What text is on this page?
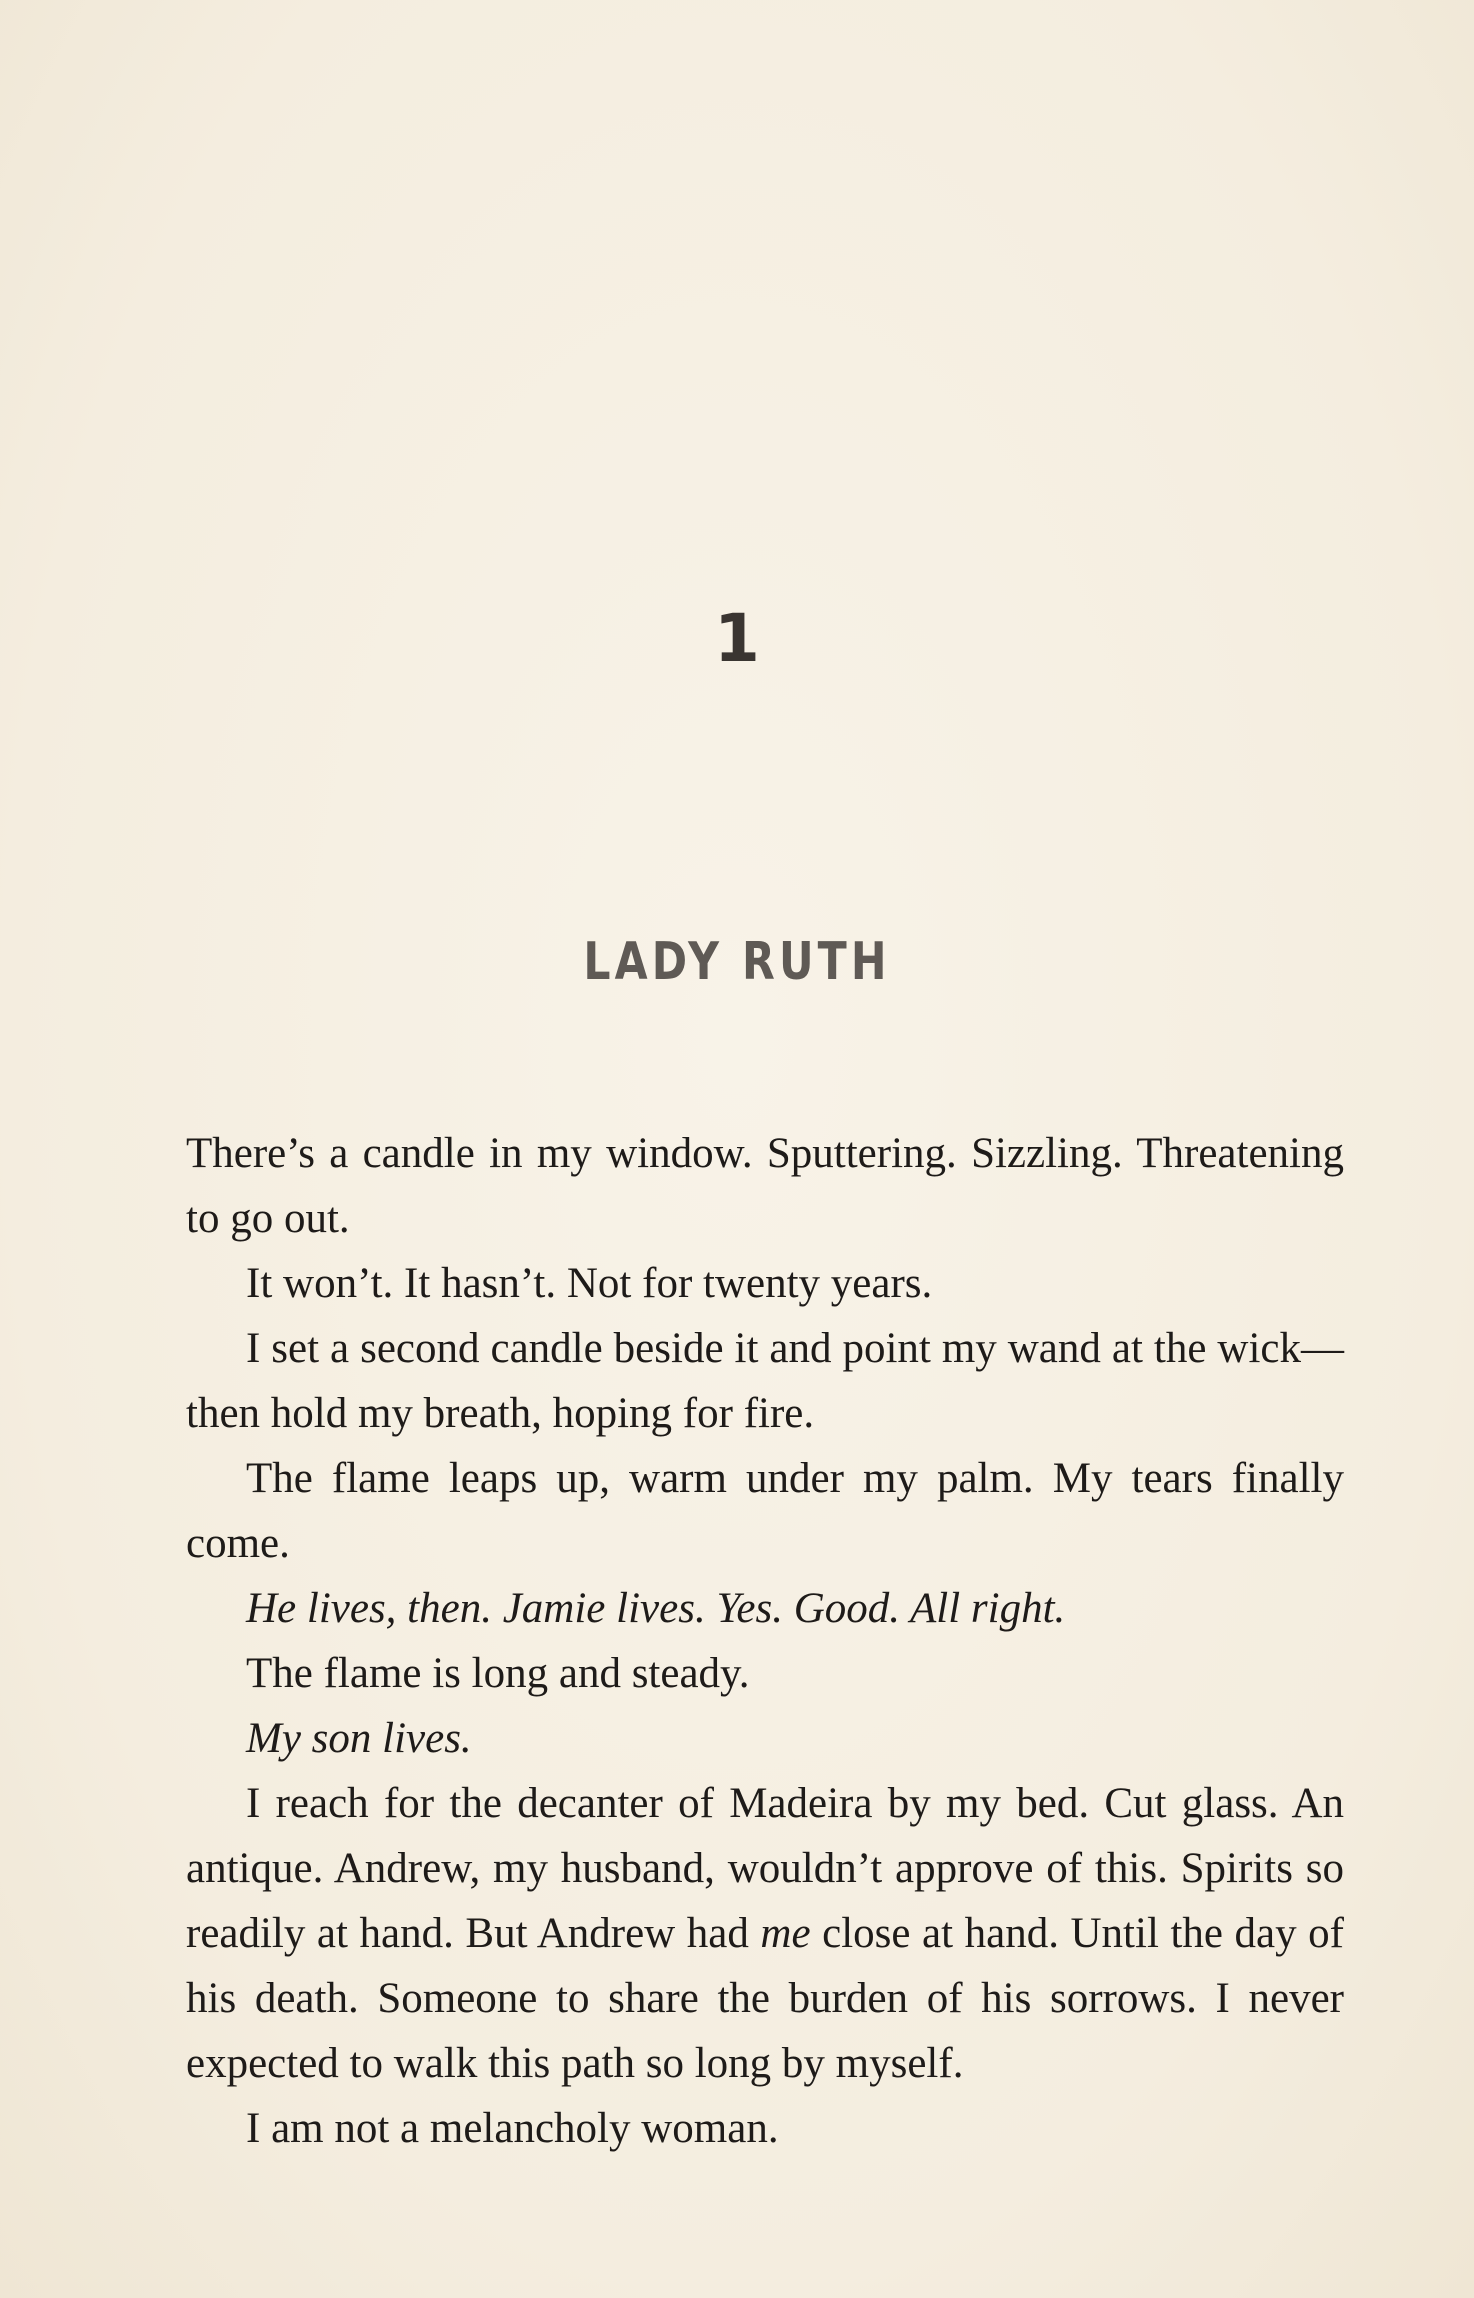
1
LADY RUTH

There’s a candle in my window. Sputtering. Sizzling. Threatening to go out.

It won’t. It hasn’t. Not for twenty years.

I set a second candle beside it and point my wand at the wick—then hold my breath, hoping for fire.

The flame leaps up, warm under my palm. My tears finally come.

He lives, then. Jamie lives. Yes. Good. All right.

The flame is long and steady.

My son lives.

I reach for the decanter of Madeira by my bed. Cut glass. An antique. Andrew, my husband, wouldn’t approve of this. Spirits so readily at hand. But Andrew had me close at hand. Until the day of his death. Someone to share the burden of his sorrows. I never expected to walk this path so long by myself.

I am not a melancholy woman.
